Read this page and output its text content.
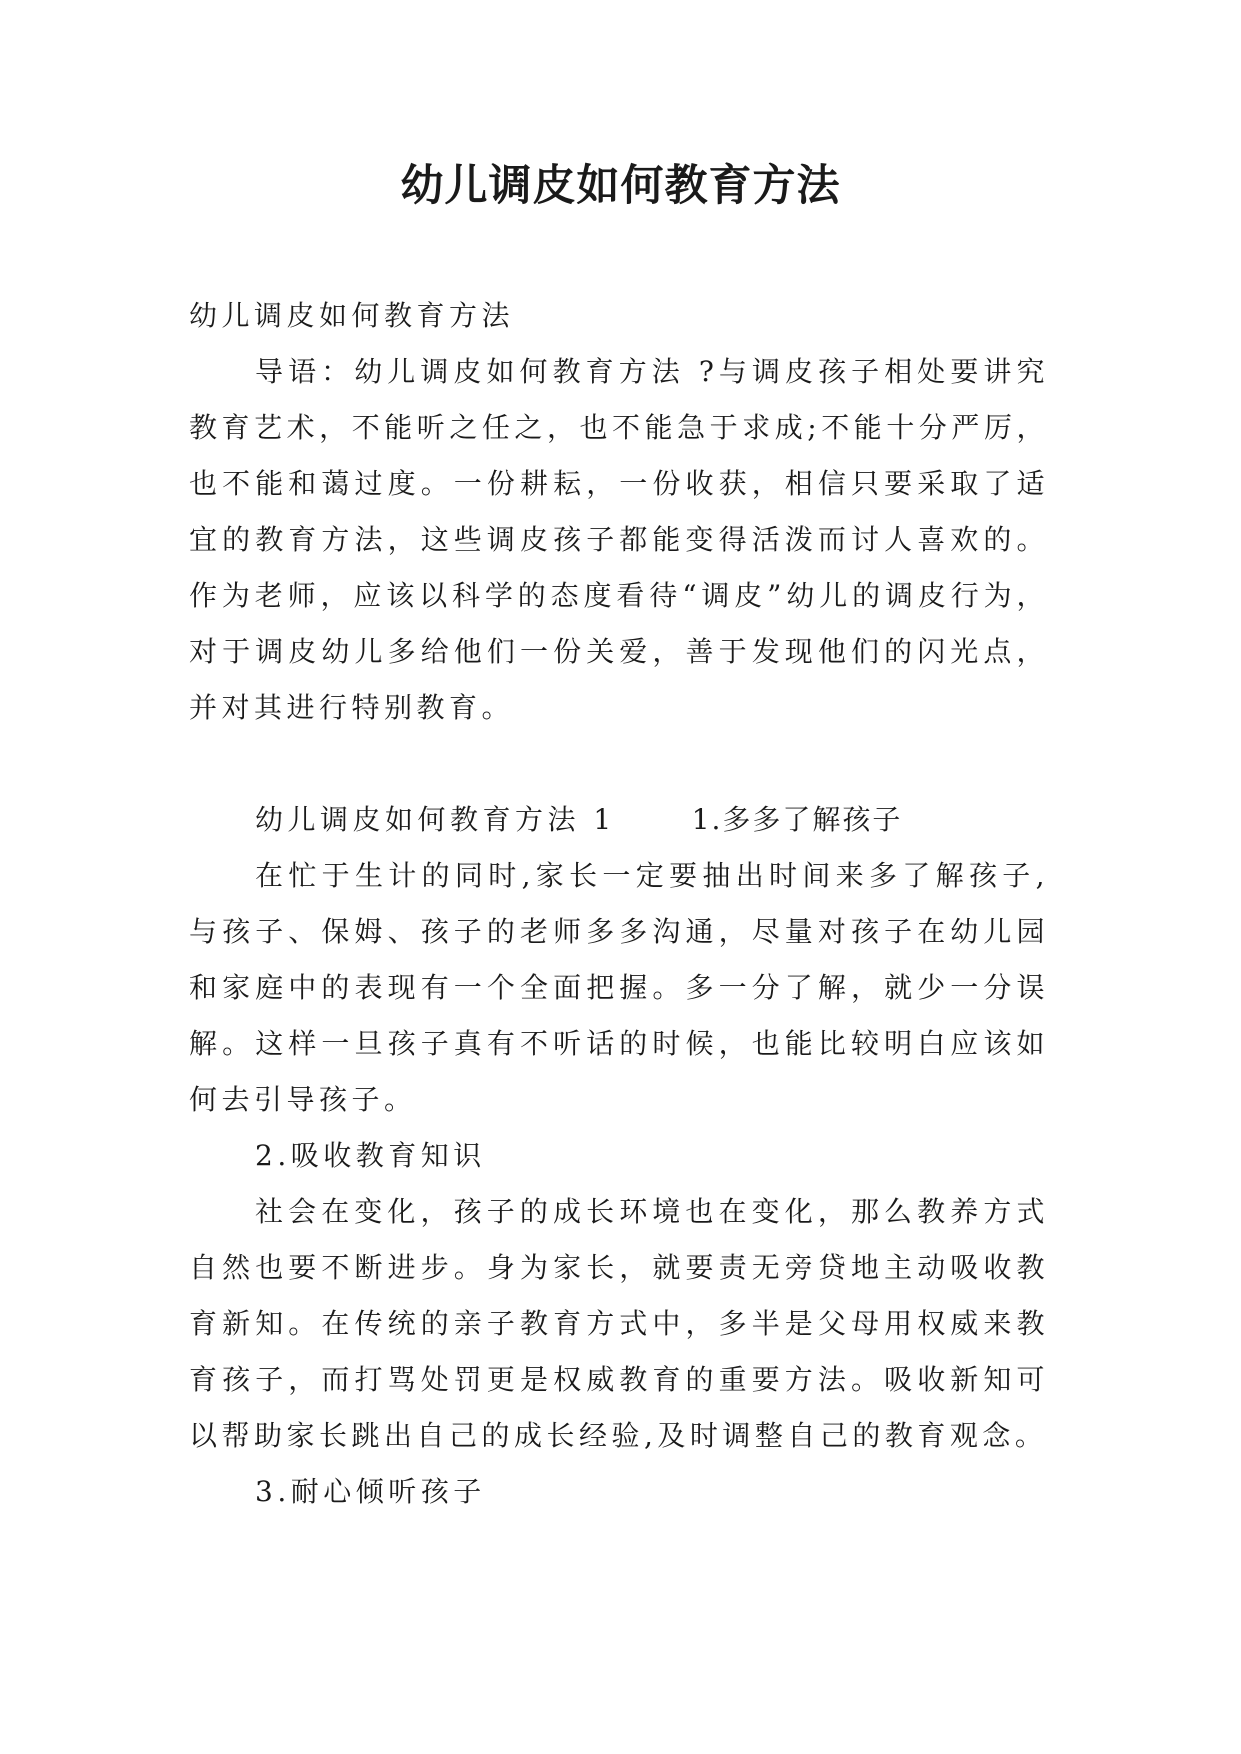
幼儿调皮如何教育方法

幼儿调皮如何教育方法

导语：幼儿调皮如何教育方法 ?与调皮孩子相处要讲究教育艺术，不能听之任之，也不能急于求成;不能十分严厉，也不能和蔼过度。一份耕耘，一份收获，相信只要采取了适宜的教育方法，这些调皮孩子都能变得活泼而讨人喜欢的。作为老师，应该以科学的态度看待“调皮”幼儿的调皮行为，对于调皮幼儿多给他们一份关爱，善于发现他们的闪光点，并对其进行特别教育。

幼儿调皮如何教育方法 1	1.多多了解孩子

在忙于生计的同时,家长一定要抽出时间来多了解孩子,与孩子、保姆、孩子的老师多多沟通，尽量对孩子在幼儿园和家庭中的表现有一个全面把握。多一分了解，就少一分误解。这样一旦孩子真有不听话的时候，也能比较明白应该如何去引导孩子。

2.吸收教育知识

社会在变化，孩子的成长环境也在变化，那么教养方式自然也要不断进步。身为家长，就要责无旁贷地主动吸收教育新知。在传统的亲子教育方式中，多半是父母用权威来教育孩子，而打骂处罚更是权威教育的重要方法。吸收新知可以帮助家长跳出自己的成长经验,及时调整自己的教育观念。

3.耐心倾听孩子
